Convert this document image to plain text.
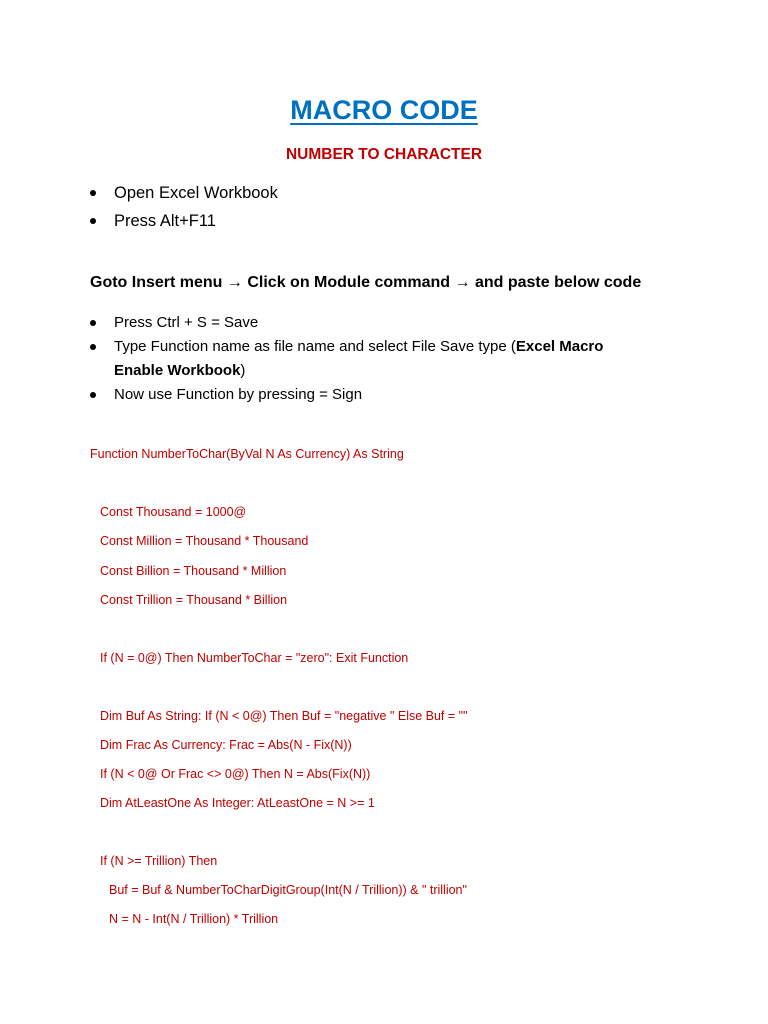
MACRO CODE
NUMBER TO CHARACTER
Open Excel Workbook
Press Alt+F11
Goto Insert menu → Click on Module command → and paste below code
Press Ctrl + S = Save
Type Function name as file name and select File Save type (Excel Macro Enable Workbook)
Now use Function by pressing = Sign
Function NumberToChar(ByVal N As Currency) As String
Const Thousand = 1000@
Const Million = Thousand * Thousand
Const Billion = Thousand * Million
Const Trillion = Thousand * Billion
If (N = 0@) Then NumberToChar = "zero": Exit Function
Dim Buf As String: If (N < 0@) Then Buf = "negative " Else Buf = ""
Dim Frac As Currency: Frac = Abs(N - Fix(N))
If (N < 0@ Or Frac <> 0@) Then N = Abs(Fix(N))
Dim AtLeastOne As Integer: AtLeastOne = N >= 1
If (N >= Trillion) Then
Buf = Buf & NumberToCharDigitGroup(Int(N / Trillion)) & " trillion"
N = N - Int(N / Trillion) * Trillion
